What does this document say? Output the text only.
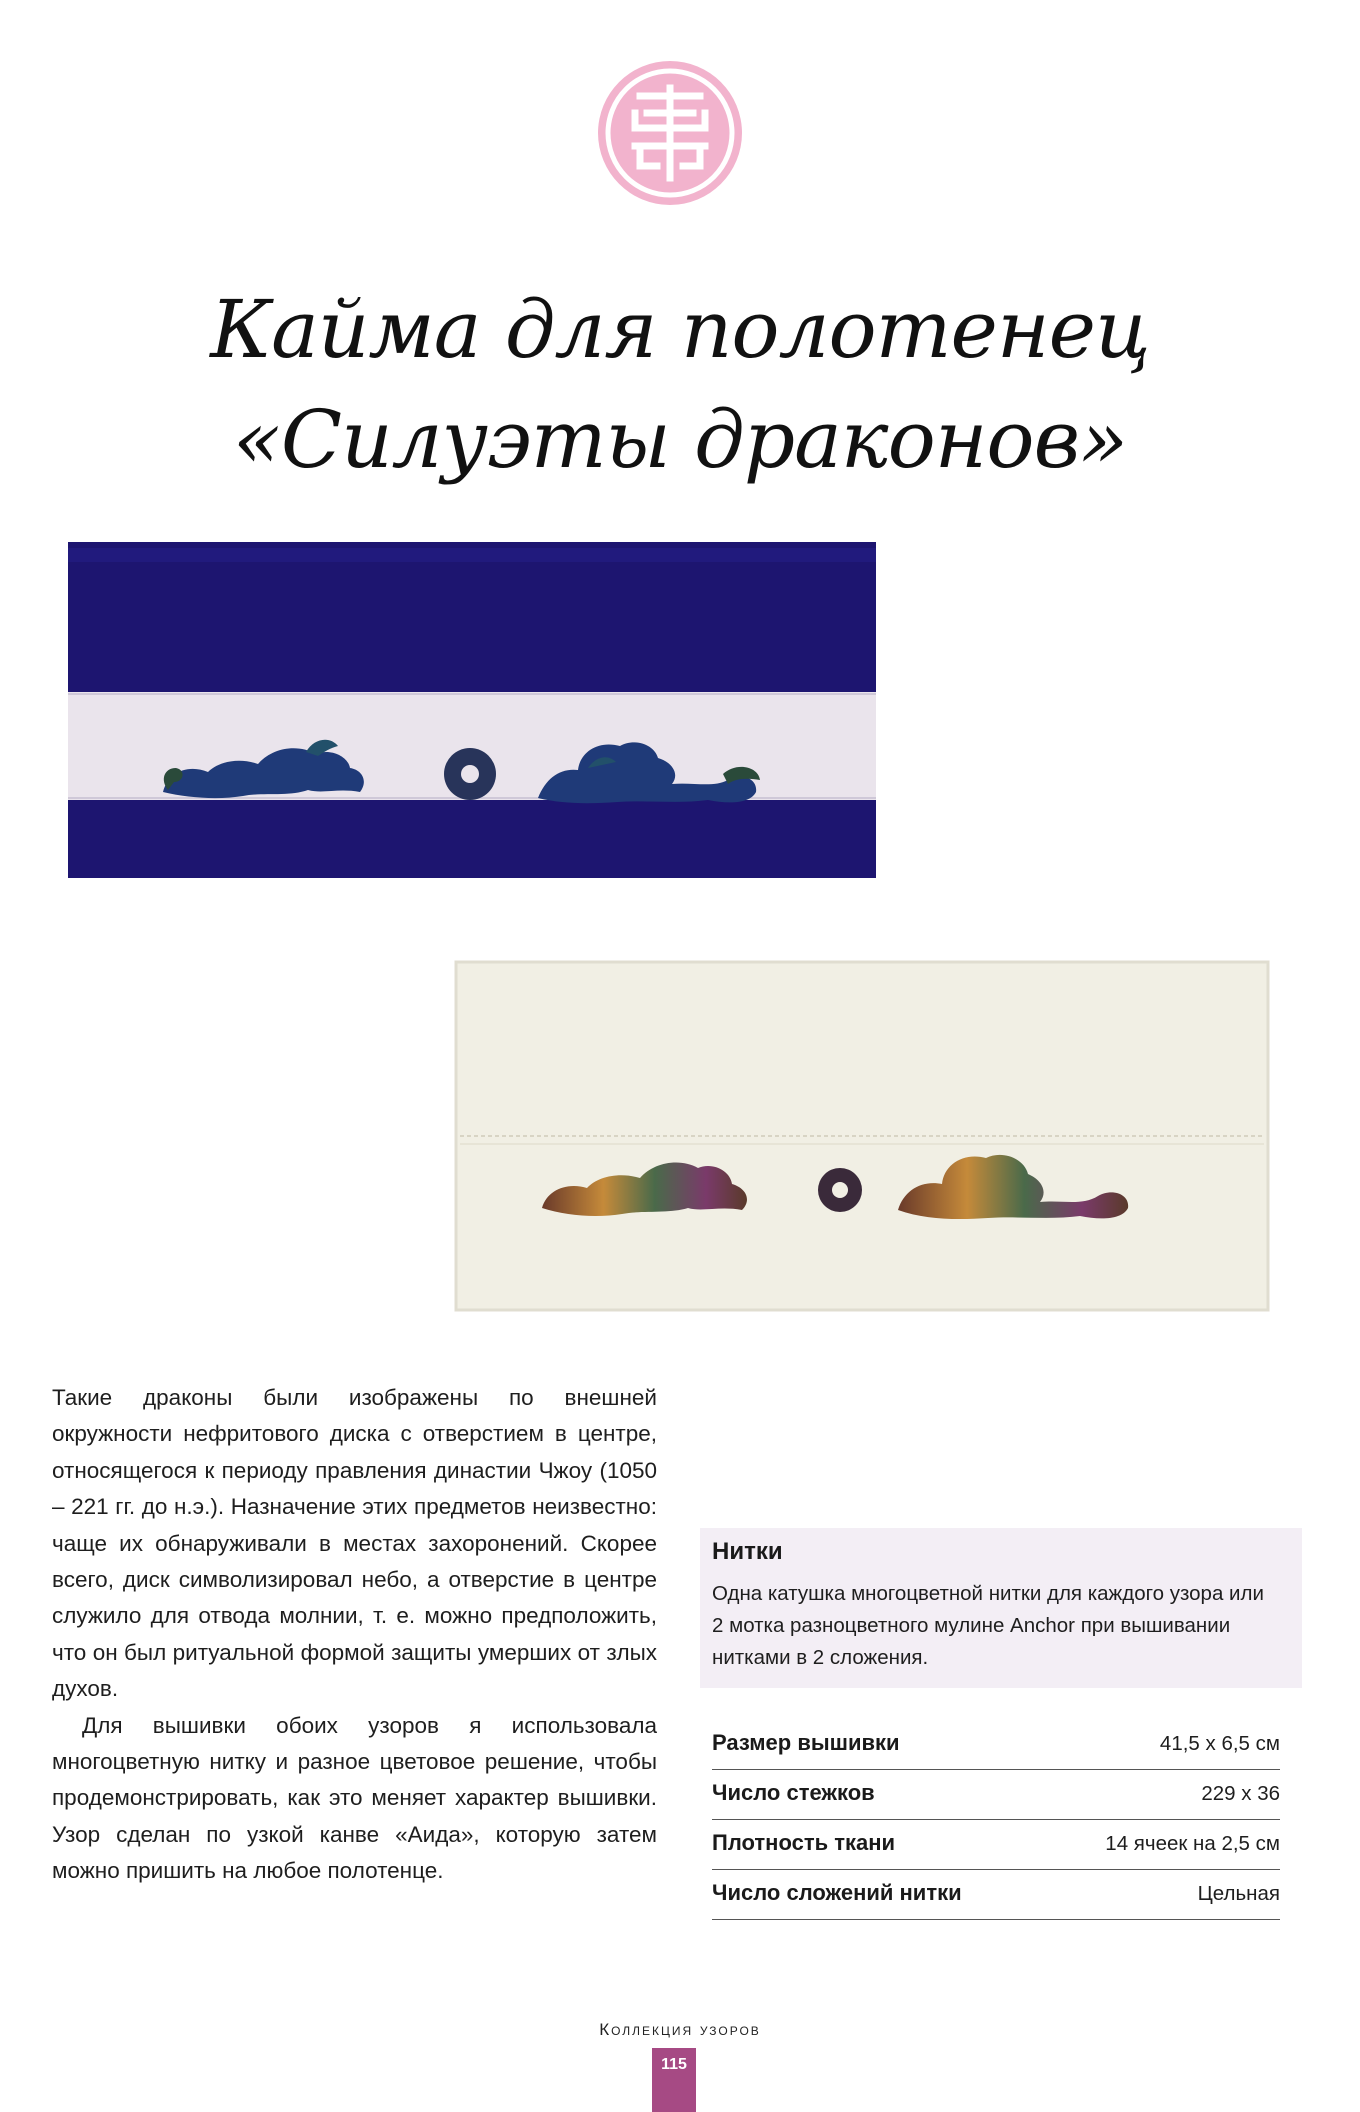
Кайма для полотенец
«Силуэты драконов»

Такие драконы были изображены по внешней окружности нефритового диска с отверстием в центре, относящегося к периоду правления династии Чжоу (1050 – 221 гг. до н.э.). Назначение этих предметов неизвестно: чаще их обнаруживали в местах захоронений. Скорее всего, диск символизировал небо, а отверстие в центре служило для отвода молнии, т. е. можно предположить, что он был ритуальной формой защиты умерших от злых духов.

Для вышивки обоих узоров я использовала многоцветную нитку и разное цветовое решение, чтобы продемонстрировать, как это меняет характер вышивки. Узор сделан по узкой канве «Аида», которую затем можно пришить на любое полотенце.

Нитки
Одна катушка многоцветной нитки для каждого узора или 2 мотка разноцветного мулине Anchor при вышивании нитками в 2 сложения.
Размер вышивки	41,5 х 6,5 см
Число стежков	229 х 36
Плотность ткани	14 ячеек на 2,5 см
Число сложений нитки	Цельная
Коллекция узоров
115
